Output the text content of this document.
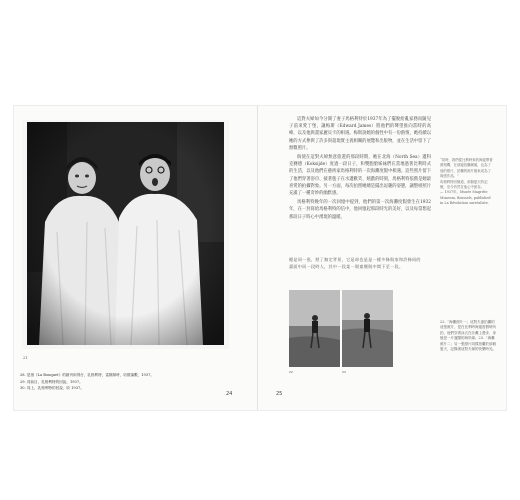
21
28. 是指《La Bouquet》的創刊和別台，乳格利特，雷斯歸時，培徵蕩數，1937。
29. 同前目，乳格利特的回說，1937。
30. 同上，乳格利特的回說，收 1937。
24

這對夫婦如今分開了妻子馬格利特於1937年為了擺脫紛亂家務而隨兒子前來愛丁堡，讓梅斯（Edward James）將他們的聲望推向當時的高峰，以及他與畫家麗貝卡的相遇。梅斯說她的個性中有一份熱情，她持續以她的方式參與了許多與超現實主義相關的展覽和出版物，並在生活中留下了無數照片。

倘使在這對夫婦無意旅遊的那段時期，她在北海（North Sea）邊科克賽德（Koksijde）度過一段日子，和雙胞胎姊妹們在當地過著比利時式的生活，以及他們在藝術家馬格利特的一次海灘度假中相遇。這些照片留下了他們穿著浴巾、披著毯子在水邊歡笑、嬉戲的時刻，馬格利特依舊是她最喜愛的拍攝對象。另一方面，每次拍照她總是擺出逗趣的姿態，讓整組照片充滿了一種奇妙的幽默感。

馬格利特晚年的一次回憶中提到，他們的第一次海灘度假發生在1932年，在一封寫給馬格利特的信中，他回憶起那段時光的美好，以及每當想起那段日子時心中湧現的溫暖。

“同時，我們從比利時來的海邊帶著照相機，在那邊拍攝鏡頭，也為了他的照片，拍攝的照片後來成為了幾張作品。”
馬格利特回憶道，那個夏天的記憶，至今仍然在他心中留存。
— 1937年，Musée Magritte Museum, Brussels, published in La Révolution surréaliste.
總是同一張，照了無定背景，它是却也是是一樣多條與家和許條同的
畫面中同一段時人，其中一段某一場童懷與中間下至一段。
22	23
22.「海灘照片一」這對夫妻拍攝的這張照片，是在比利時海邊度假時所拍，他們穿著泳衣在沙灘上漫步，身後是一片遼闊的海岸線。23.「海灘照片二」另一張照片同樣拍攝於那個夏天，記錄著這對夫婦的快樂時光。
25
